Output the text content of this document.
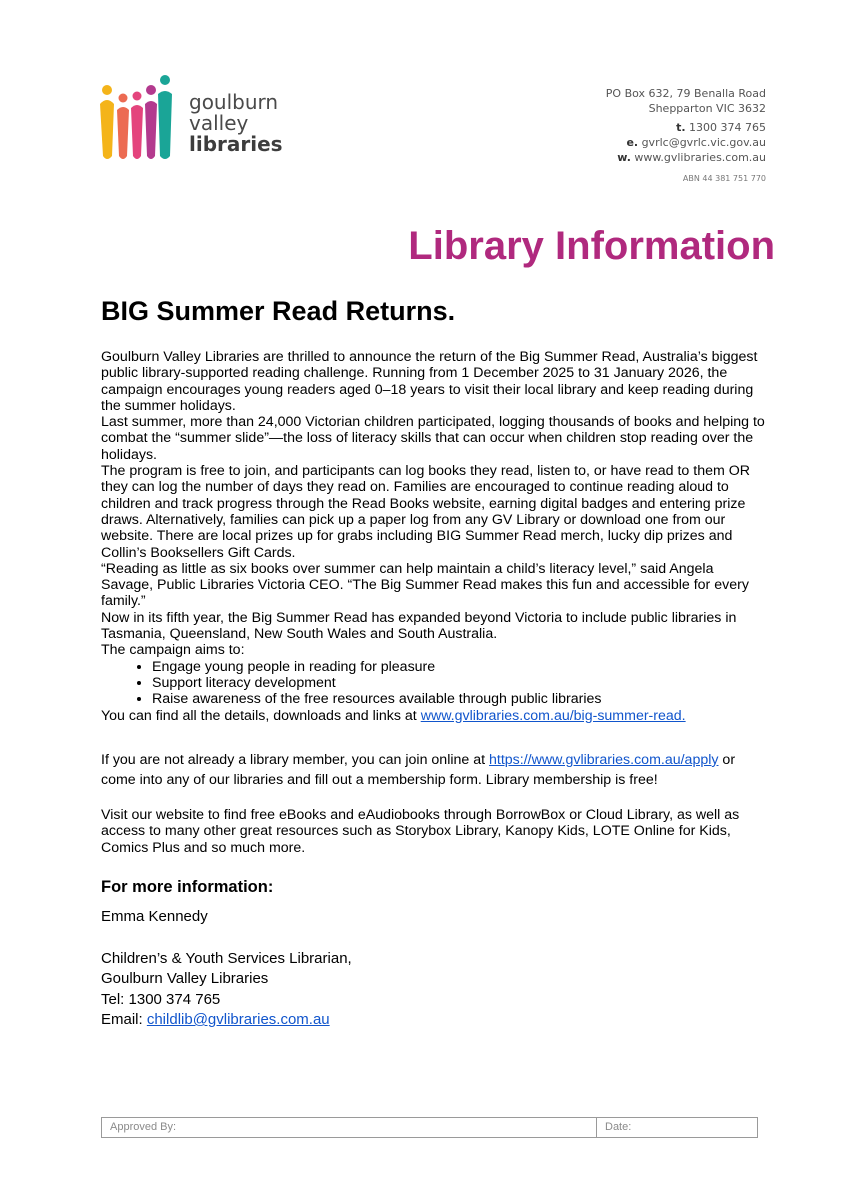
goulburn
valley
libraries
PO Box 632, 79 Benalla Road
Shepparton VIC 3632
t. 1300 374 765
e. gvrlc@gvrlc.vic.gov.au
w. www.gvlibraries.com.au
ABN 44 381 751 770
Library Information
BIG Summer Read Returns.

Goulburn Valley Libraries are thrilled to announce the return of the Big Summer Read, Australia’s biggest public library-supported reading challenge. Running from 1 December 2025 to 31 January 2026, the campaign encourages young readers aged 0–18 years to visit their local library and keep reading during the summer holidays.

Last summer, more than 24,000 Victorian children participated, logging thousands of books and helping to combat the “summer slide”—the loss of literacy skills that can occur when children stop reading over the holidays.

The program is free to join, and participants can log books they read, listen to, or have read to them OR they can log the number of days they read on. Families are encouraged to continue reading aloud to children and track progress through the Read Books website, earning digital badges and entering prize draws. Alternatively, families can pick up a paper log from any GV Library or download one from our website. There are local prizes up for grabs including BIG Summer Read merch, lucky dip prizes and Collin’s Booksellers Gift Cards.

“Reading as little as six books over summer can help maintain a child’s literacy level,” said Angela Savage, Public Libraries Victoria CEO. “The Big Summer Read makes this fun and accessible for every family.”

Now in its fifth year, the Big Summer Read has expanded beyond Victoria to include public libraries in Tasmania, Queensland, New South Wales and South Australia.

The campaign aims to:

• Engage young people in reading for pleasure
• Support literacy development
• Raise awareness of the free resources available through public libraries

You can find all the details, downloads and links at www.gvlibraries.com.au/big-summer-read.

If you are not already a library member, you can join online at https://www.gvlibraries.com.au/apply or come into any of our libraries and fill out a membership form. Library membership is free!
Visit our website to find free eBooks and eAudiobooks through BorrowBox or Cloud Library, as well as access to many other great resources such as Storybox Library, Kanopy Kids, LOTE Online for Kids, Comics Plus and so much more.
For more information:
Emma Kennedy
Children’s & Youth Services Librarian,
Goulburn Valley Libraries
Tel: 1300 374 765
Email: childlib@gvlibraries.com.au
Approved By:	Date:
